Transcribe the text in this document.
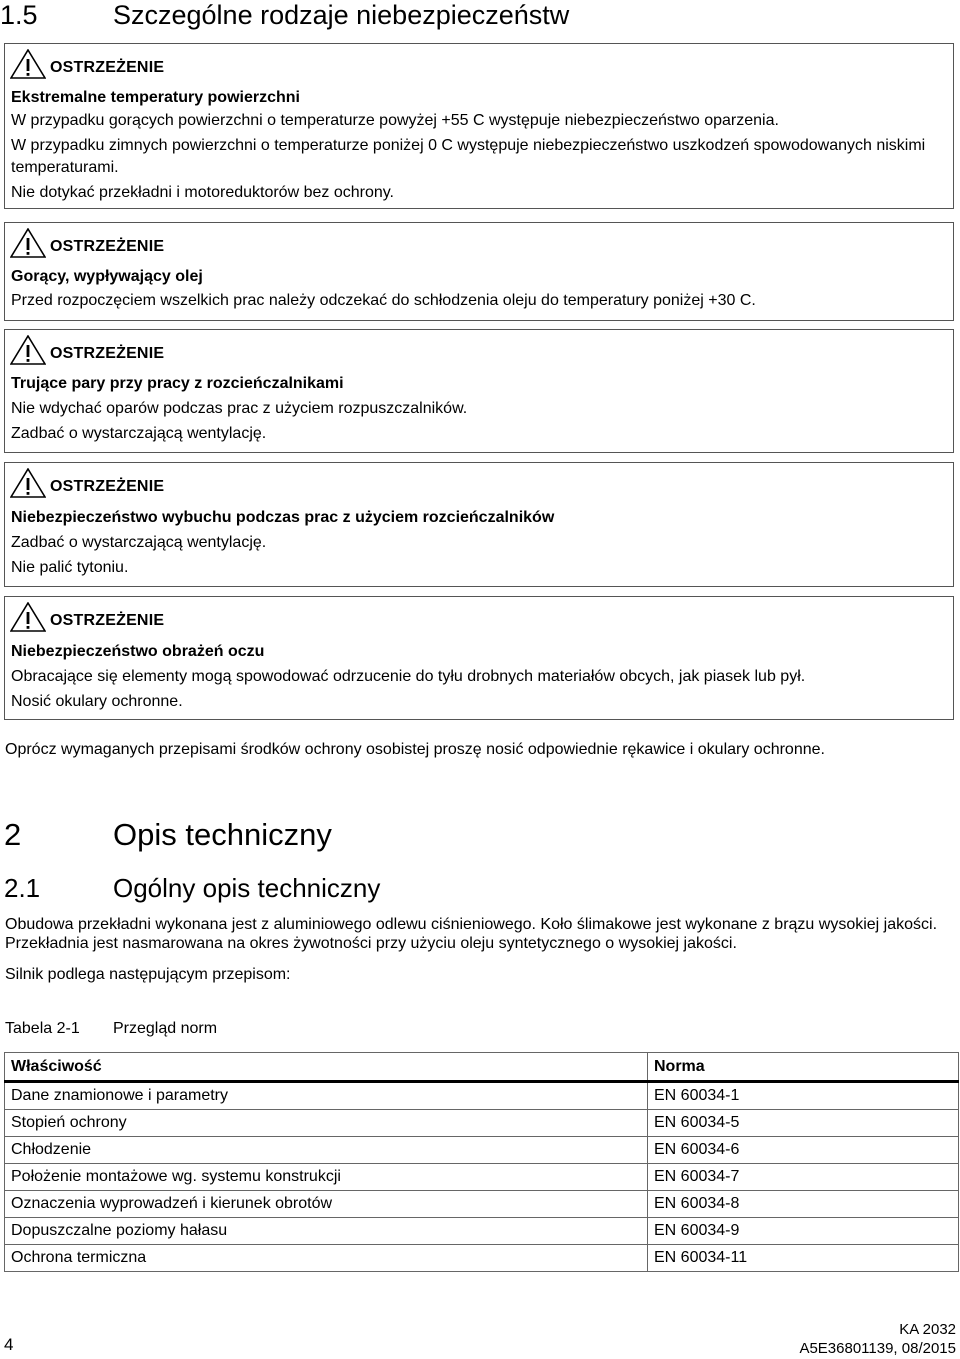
1.5	Szczególne rodzaje niebezpieczeństw
OSTRZEŻENIE
Ekstremalne temperatury powierzchni

W przypadku gorących powierzchni o temperaturze powyżej +55 C występuje niebezpieczeństwo oparzenia.

W przypadku zimnych powierzchni o temperaturze poniżej 0 C występuje niebezpieczeństwo uszkodzeń spowodowanych niskimi temperaturami.

Nie dotykać przekładni i motoreduktorów bez ochrony.

OSTRZEŻENIE
Gorący, wypływający olej

Przed rozpoczęciem wszelkich prac należy odczekać do schłodzenia oleju do temperatury poniżej +30 C.

OSTRZEŻENIE
Trujące pary przy pracy z rozcieńczalnikami

Nie wdychać oparów podczas prac z użyciem rozpuszczalników.

Zadbać o wystarczającą wentylację.

OSTRZEŻENIE
Niebezpieczeństwo wybuchu podczas prac z użyciem rozcieńczalników

Zadbać o wystarczającą wentylację.

Nie palić tytoniu.

OSTRZEŻENIE
Niebezpieczeństwo obrażeń oczu

Obracające się elementy mogą spowodować odrzucenie do tyłu drobnych materiałów obcych, jak piasek lub pył.

Nosić okulary ochronne.

Oprócz wymaganych przepisami środków ochrony osobistej proszę nosić odpowiednie rękawice i okulary ochronne.

2	Opis techniczny
2.1	Ogólny opis techniczny

Obudowa przekładni wykonana jest z aluminiowego odlewu ciśnieniowego. Koło ślimakowe jest wykonane z brązu wysokiej jakości. Przekładnia jest nasmarowana na okres żywotności przy użyciu oleju syntetycznego o wysokiej jakości.

Silnik podlega następującym przepisom:

Tabela 2-1 Przegląd norm
Właściwość	Norma
Dane znamionowe i parametry	EN 60034-1
Stopień ochrony	EN 60034-5
Chłodzenie	EN 60034-6
Położenie montażowe wg. systemu konstrukcji	EN 60034-7
Oznaczenia wyprowadzeń i kierunek obrotów	EN 60034-8
Dopuszczalne poziomy hałasu	EN 60034-9
Ochrona termiczna	EN 60034-11
4
KA 2032
A5E36801139, 08/2015
